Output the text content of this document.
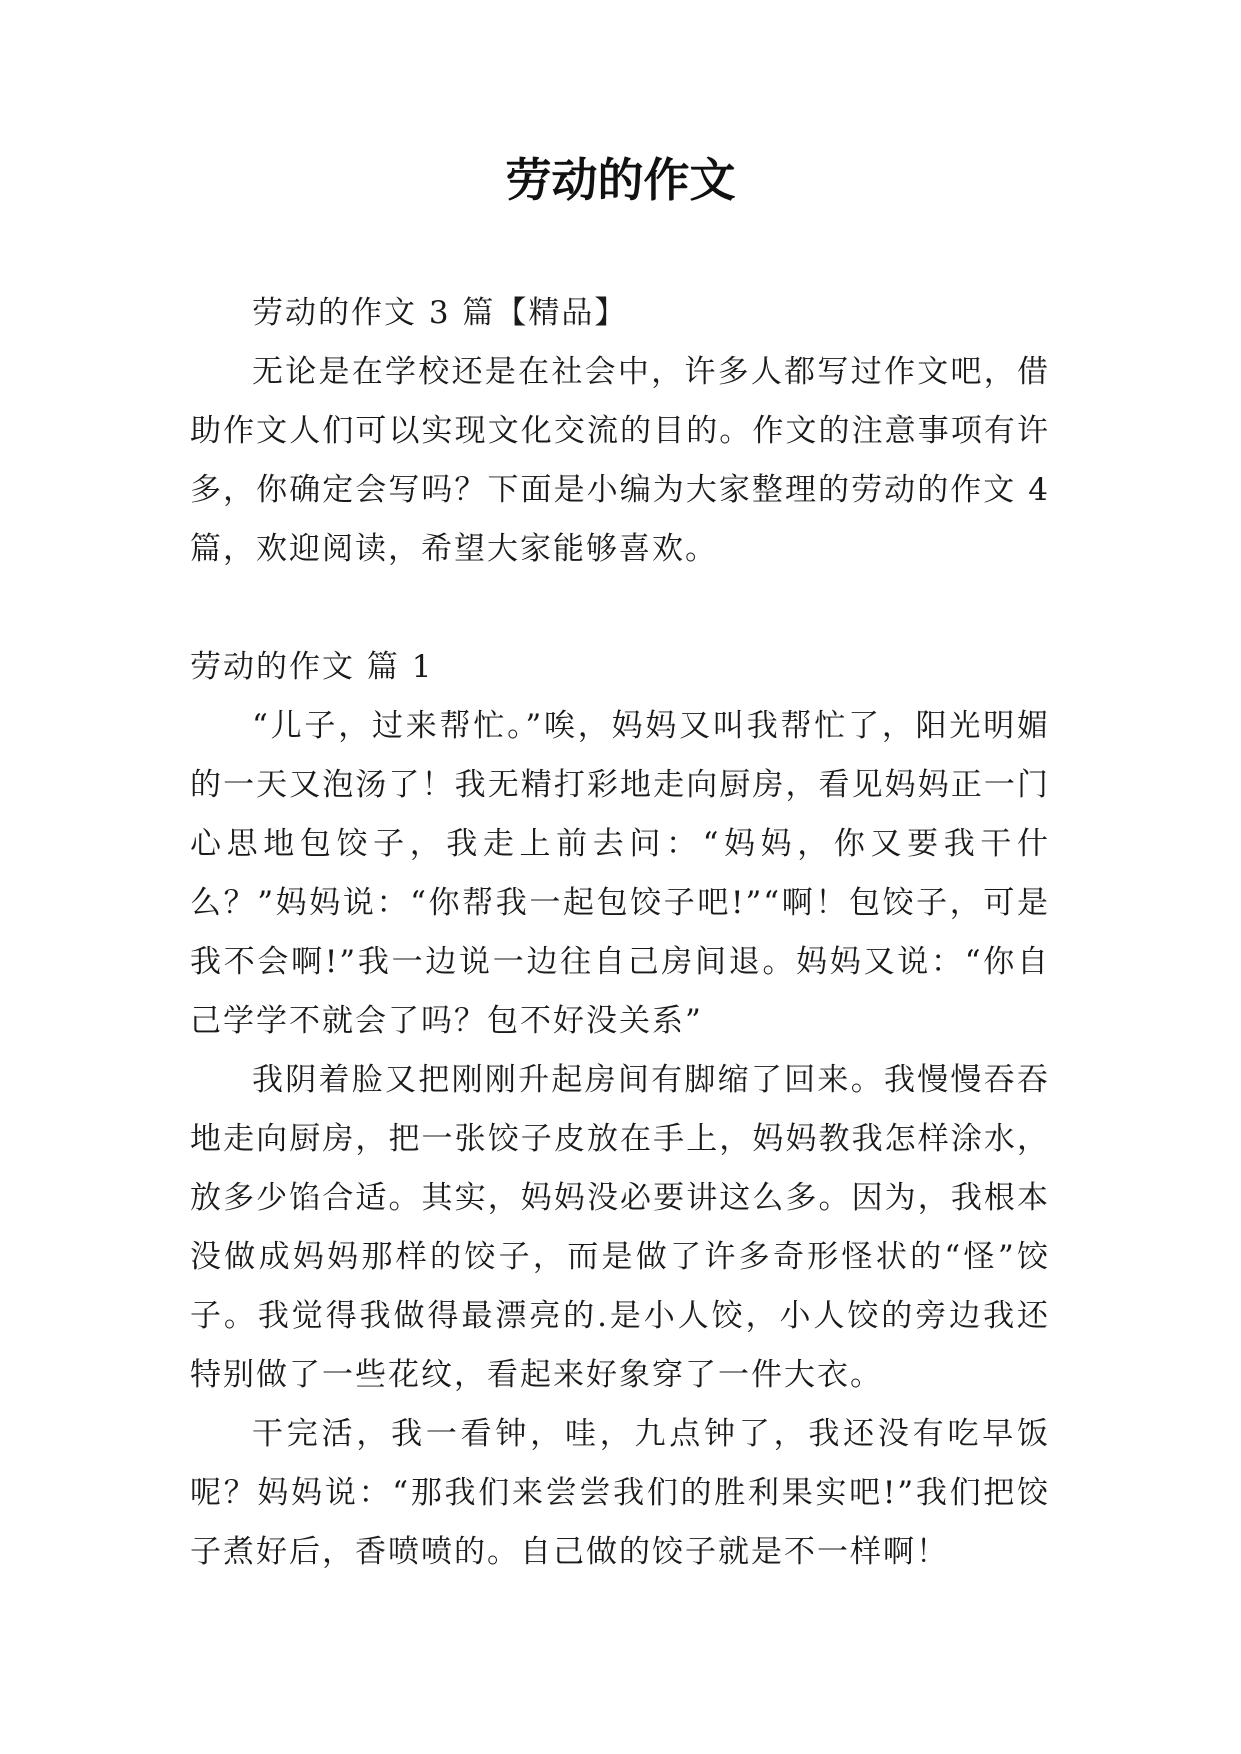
劳动的作文

劳动的作文 3 篇【精品】

无论是在学校还是在社会中，许多人都写过作文吧，借助作文人们可以实现文化交流的目的。作文的注意事项有许多，你确定会写吗？下面是小编为大家整理的劳动的作文 4 篇，欢迎阅读，希望大家能够喜欢。

劳动的作文 篇 1

“儿子，过来帮忙。”唉，妈妈又叫我帮忙了，阳光明媚的一天又泡汤了！我无精打彩地走向厨房，看见妈妈正一门心思地包饺子，我走上前去问：“妈妈，你又要我干什么？”妈妈说：“你帮我一起包饺子吧!”“啊！包饺子，可是我不会啊!”我一边说一边往自己房间退。妈妈又说：“你自己学学不就会了吗？包不好没关系”

我阴着脸又把刚刚升起房间有脚缩了回来。我慢慢吞吞地走向厨房，把一张饺子皮放在手上，妈妈教我怎样涂水，放多少馅合适。其实，妈妈没必要讲这么多。因为，我根本没做成妈妈那样的饺子，而是做了许多奇形怪状的“怪”饺子。我觉得我做得最漂亮的.是小人饺，小人饺的旁边我还特别做了一些花纹，看起来好象穿了一件大衣。

干完活，我一看钟，哇，九点钟了，我还没有吃早饭呢？妈妈说：“那我们来尝尝我们的胜利果实吧!”我们把饺子煮好后，香喷喷的。自己做的饺子就是不一样啊！
